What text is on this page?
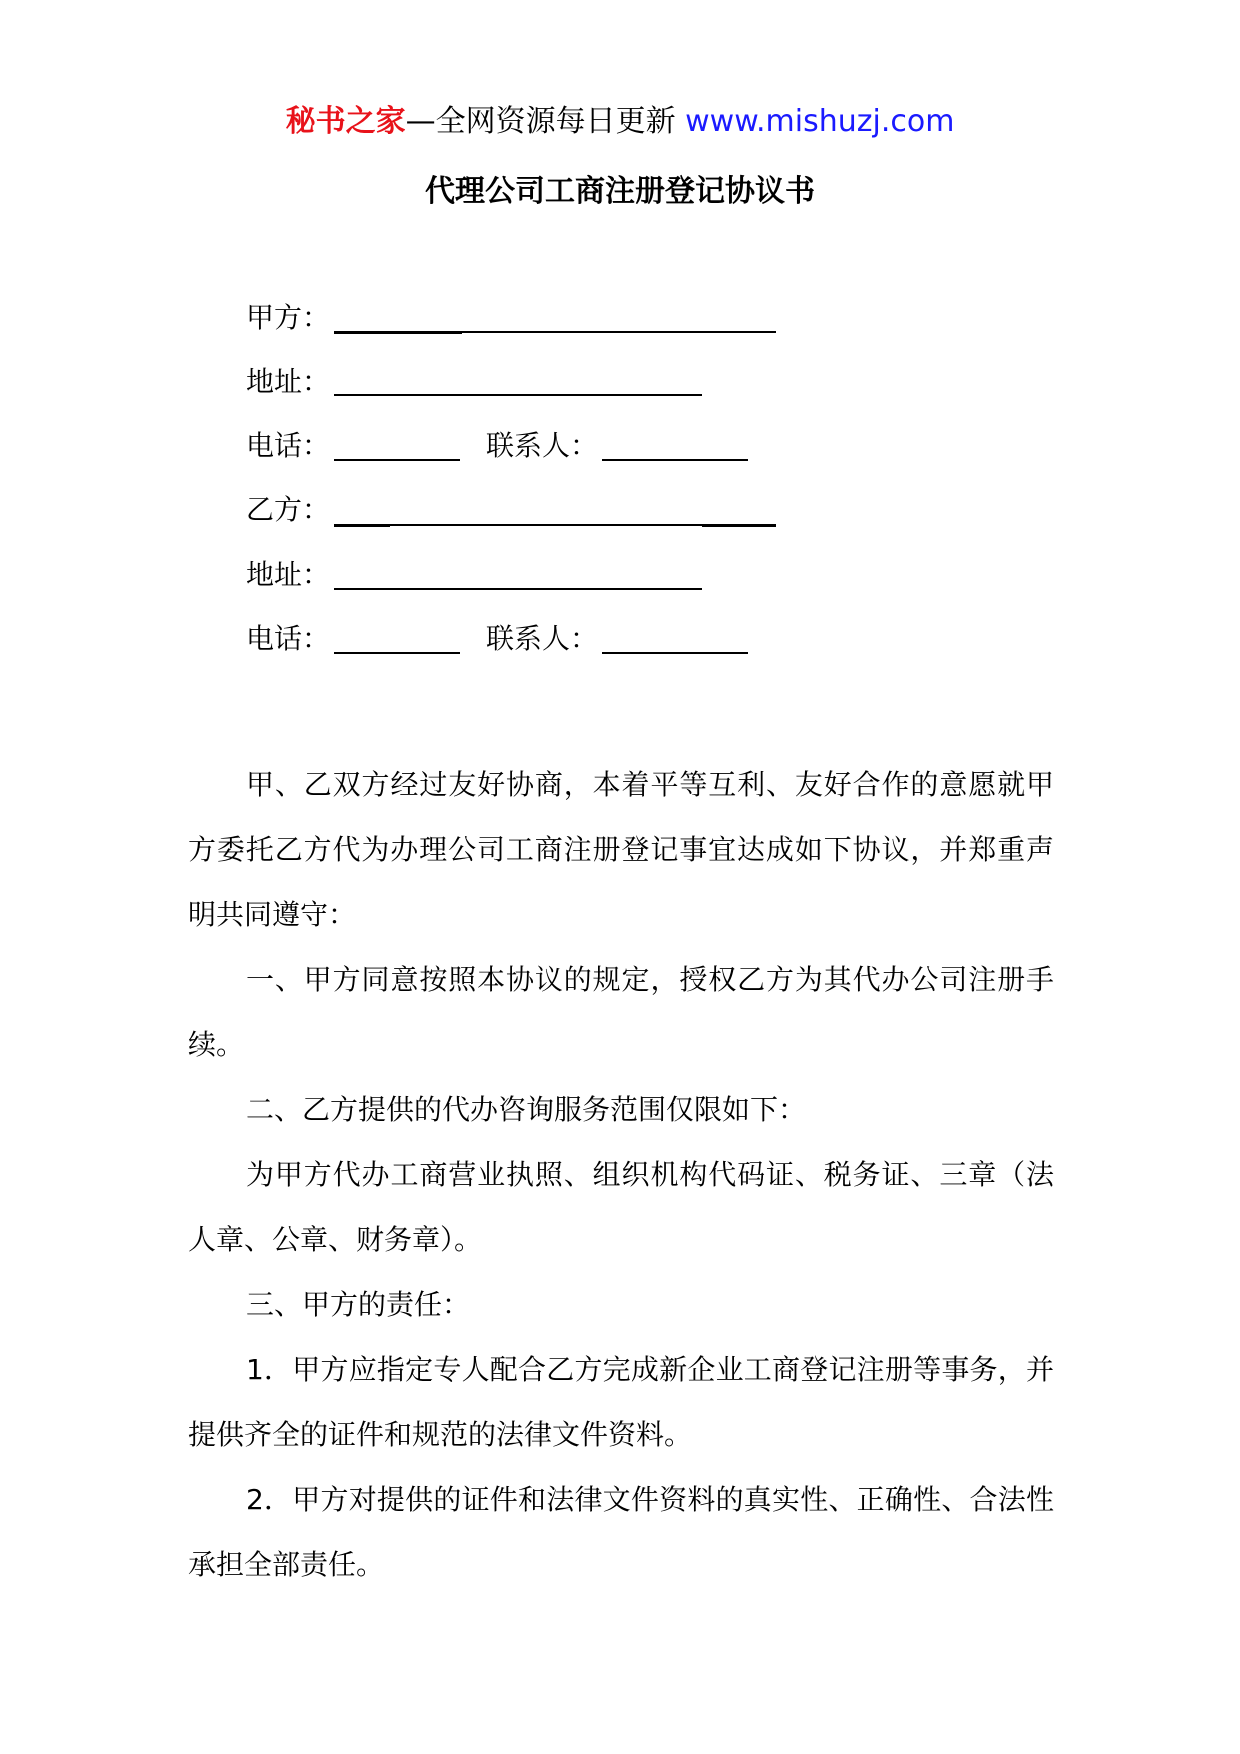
秘书之家—全网资源每日更新 www.mishuzj.com
代理公司工商注册登记协议书
甲方：
地址：
电话：	联系人：
乙方：
地址：
电话：	联系人：

甲、乙双方经过友好协商，本着平等互利、友好合作的意愿就甲方委托乙方代为办理公司工商注册登记事宜达成如下协议，并郑重声明共同遵守：

一、甲方同意按照本协议的规定，授权乙方为其代办公司注册手续。

二、乙方提供的代办咨询服务范围仅限如下：

为甲方代办工商营业执照、组织机构代码证、税务证、三章（法人章、公章、财务章）。

三、甲方的责任：

1．甲方应指定专人配合乙方完成新企业工商登记注册等事务，并提供齐全的证件和规范的法律文件资料。

2．甲方对提供的证件和法律文件资料的真实性、正确性、合法性承担全部责任。
